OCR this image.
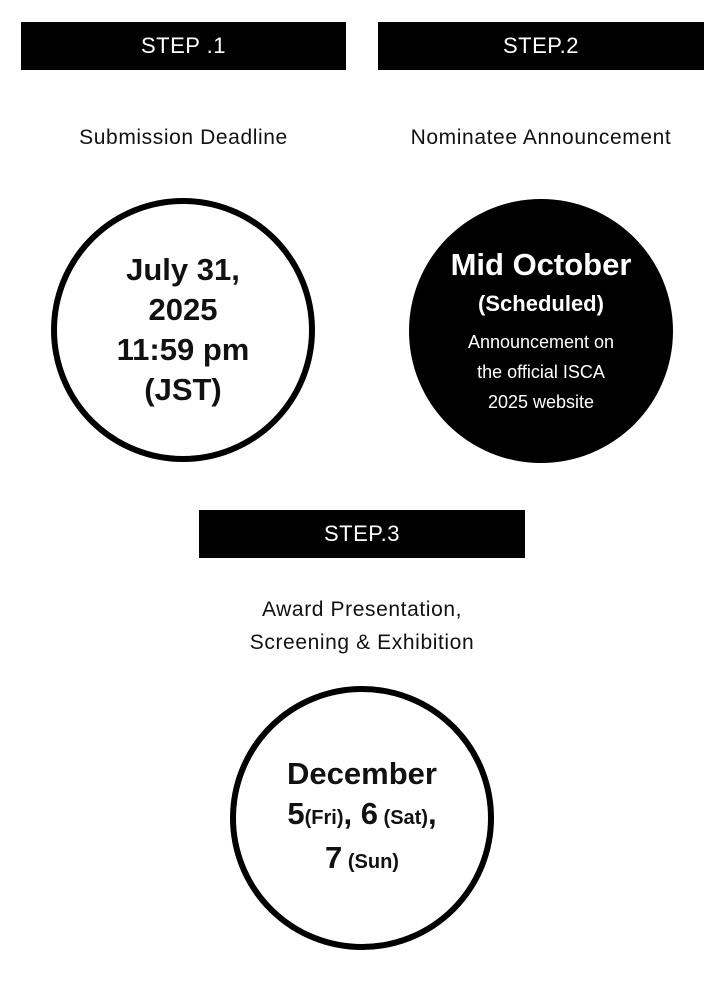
STEP .1
Submission Deadline
July 31,
2025
11:59 pm
(JST)
STEP.2
Nominatee Announcement
Mid October
(Scheduled)
Announcement on
the official ISCA
2025 website
STEP.3
Award Presentation,
Screening & Exhibition
December
5(Fri), 6 (Sat),
7 (Sun)
